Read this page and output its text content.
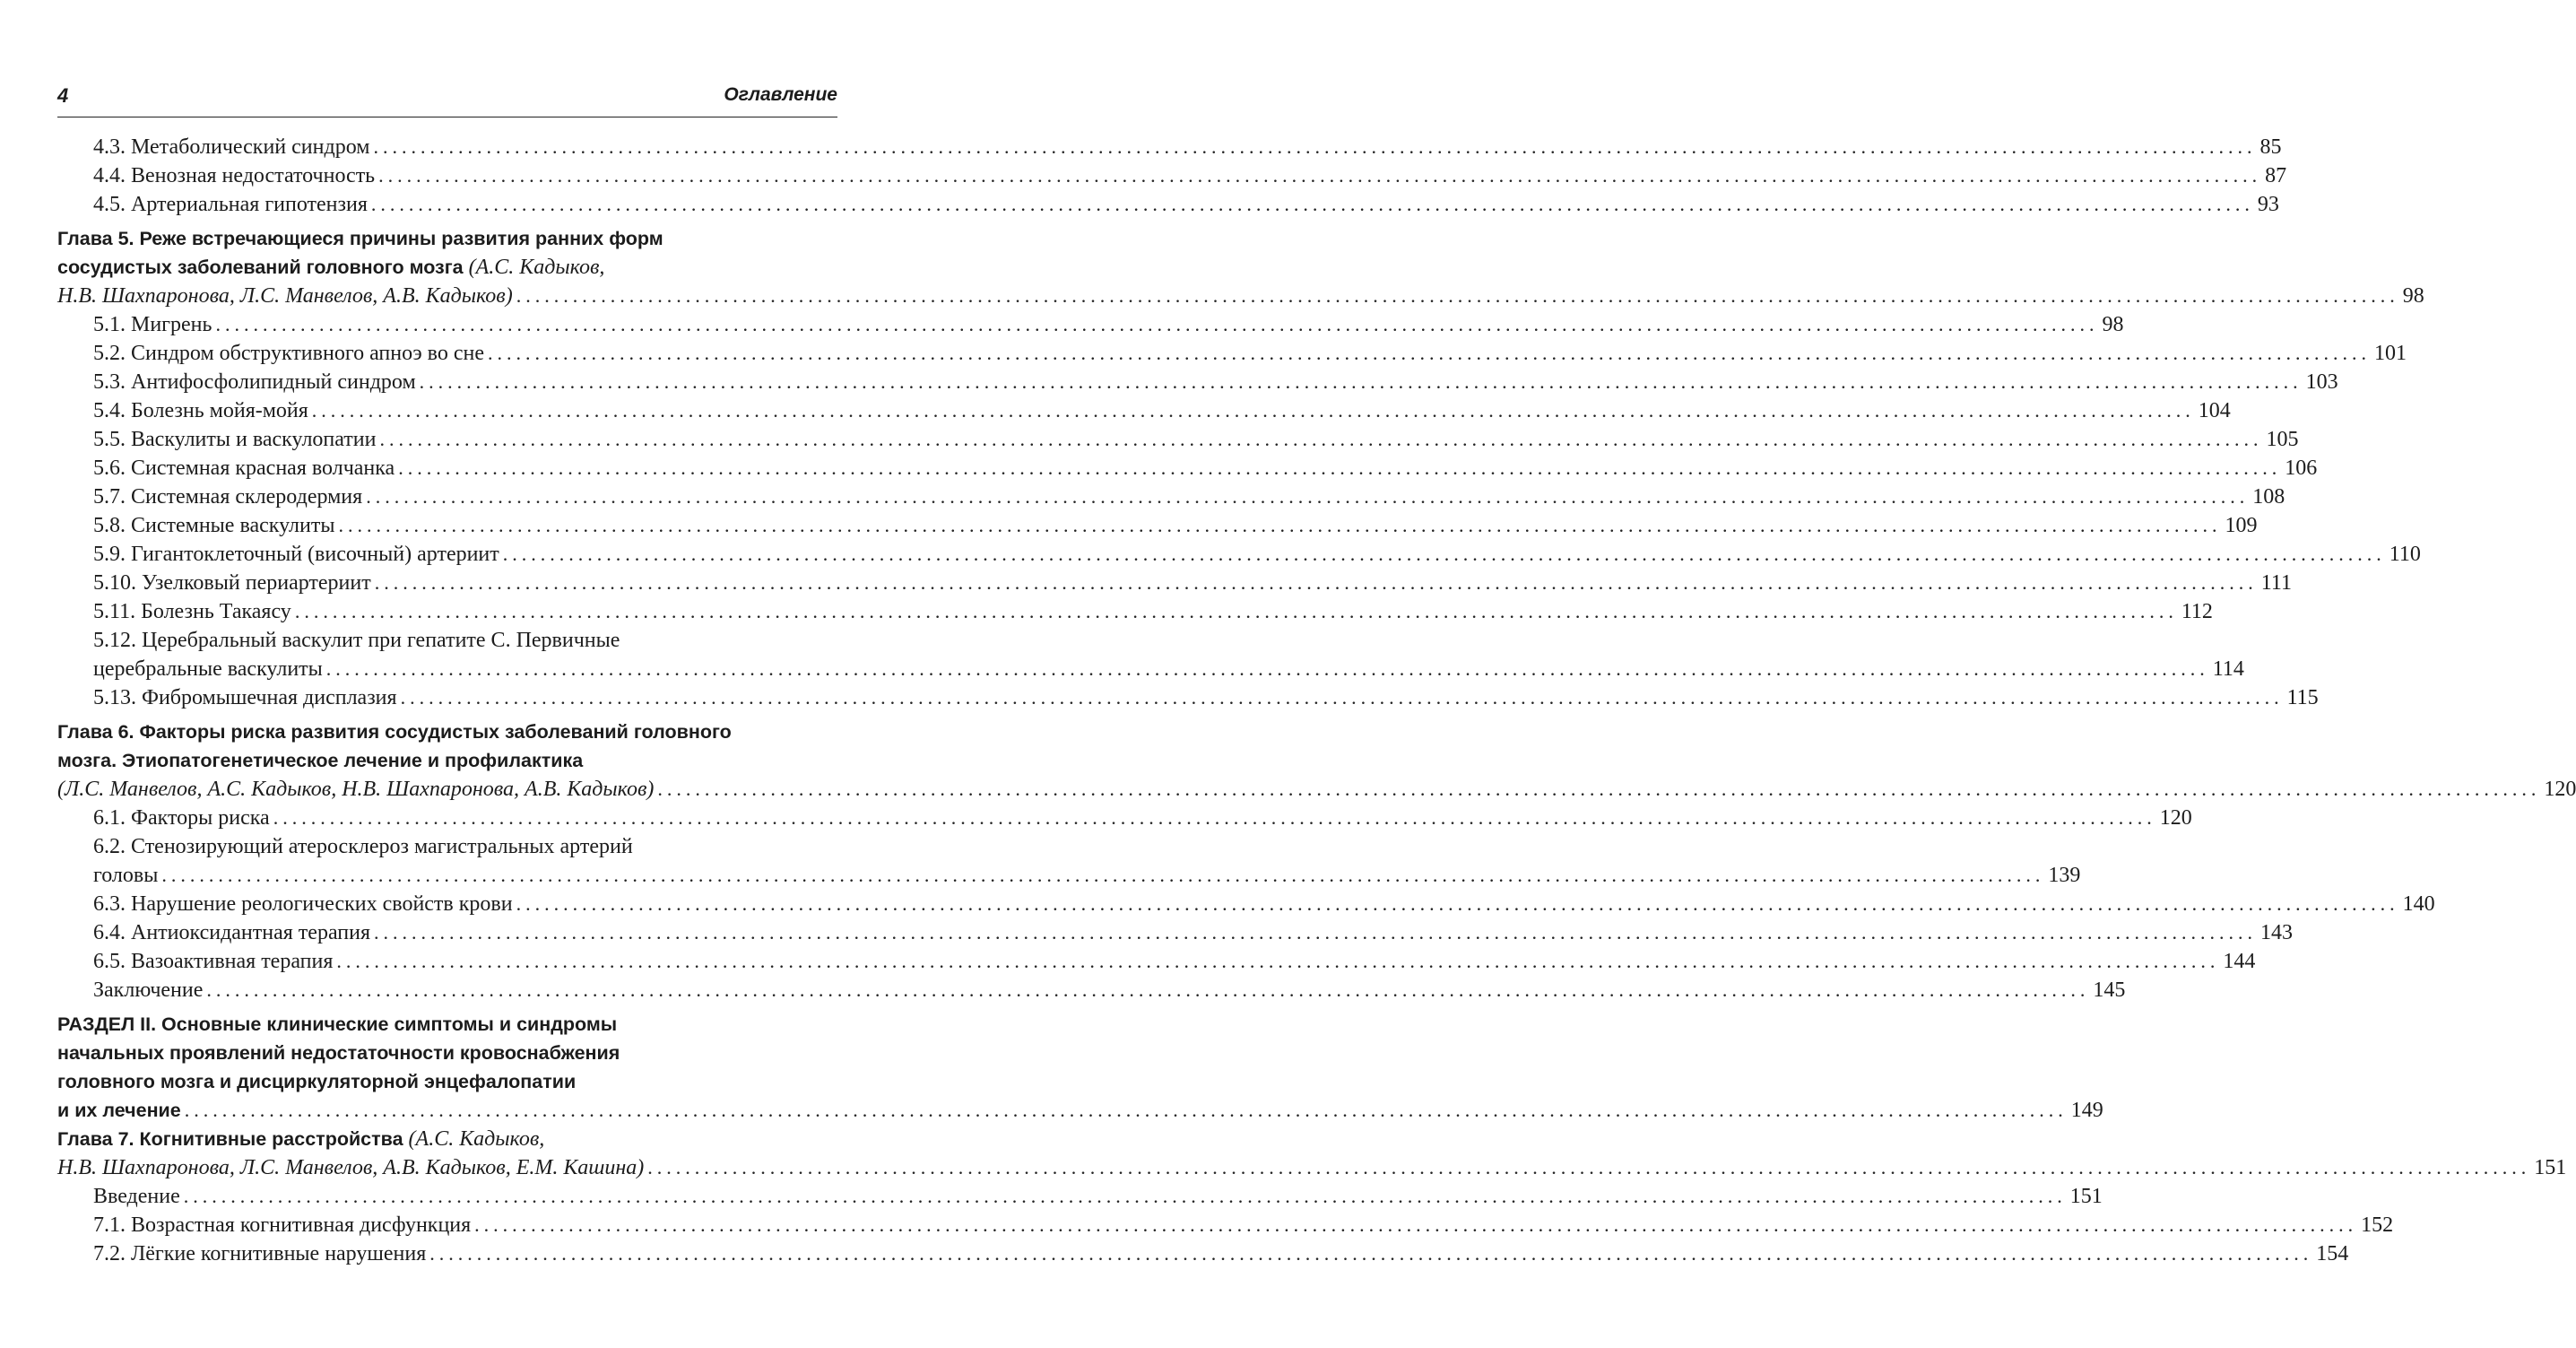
4	Оглавление
4.3. Метаболический синдром ........................................................................................................................................................................................................ 85
4.4. Венозная недостаточность ........................................................................................................................................................................................................ 87
4.5. Артериальная гипотензия ........................................................................................................................................................................................................ 93
Глава 5. Реже встречающиеся причины развития ранних форм
сосудистых заболеваний головного мозга (А.С. Кадыков,
Н.В. Шахпаронова, Л.С. Манвелов, А.В. Кадыков) ........................................................................................................................................................................................................ 98
5.1. Мигрень ........................................................................................................................................................................................................ 98
5.2. Синдром обструктивного апноэ во сне ........................................................................................................................................................................................................ 101
5.3. Антифосфолипидный синдром ........................................................................................................................................................................................................ 103
5.4. Болезнь мойя-мойя ........................................................................................................................................................................................................ 104
5.5. Васкулиты и васкулопатии ........................................................................................................................................................................................................ 105
5.6. Системная красная волчанка ........................................................................................................................................................................................................ 106
5.7. Системная склеродермия ........................................................................................................................................................................................................ 108
5.8. Системные васкулиты ........................................................................................................................................................................................................ 109
5.9. Гигантоклеточный (височный) артериит ........................................................................................................................................................................................................ 110
5.10. Узелковый периартериит ........................................................................................................................................................................................................ 111
5.11. Болезнь Такаясу ........................................................................................................................................................................................................ 112
5.12. Церебральный васкулит при гепатите С. Первичные
церебральные васкулиты ........................................................................................................................................................................................................ 114
5.13. Фибромышечная дисплазия ........................................................................................................................................................................................................ 115
Глава 6. Факторы риска развития сосудистых заболеваний головного
мозга. Этиопатогенетическое лечение и профилактика
(Л.С. Манвелов, А.С. Кадыков, Н.В. Шахпаронова, А.В. Кадыков) ........................................................................................................................................................................................................ 120
6.1. Факторы риска ........................................................................................................................................................................................................ 120
6.2. Стенозирующий атеросклероз магистральных артерий
головы ........................................................................................................................................................................................................ 139
6.3. Нарушение реологических свойств крови ........................................................................................................................................................................................................ 140
6.4. Антиоксидантная терапия ........................................................................................................................................................................................................ 143
6.5. Вазоактивная терапия ........................................................................................................................................................................................................ 144
Заключение ........................................................................................................................................................................................................ 145
РАЗДЕЛ II. Основные клинические симптомы и синдромы
начальных проявлений недостаточности кровоснабжения
головного мозга и дисциркуляторной энцефалопатии
и их лечение ........................................................................................................................................................................................................ 149
Глава 7. Когнитивные расстройства (А.С. Кадыков,
Н.В. Шахпаронова, Л.С. Манвелов, А.В. Кадыков, Е.М. Кашина) ........................................................................................................................................................................................................ 151
Введение ........................................................................................................................................................................................................ 151
7.1. Возрастная когнитивная дисфункция ........................................................................................................................................................................................................ 152
7.2. Лёгкие когнитивные нарушения ........................................................................................................................................................................................................ 154
